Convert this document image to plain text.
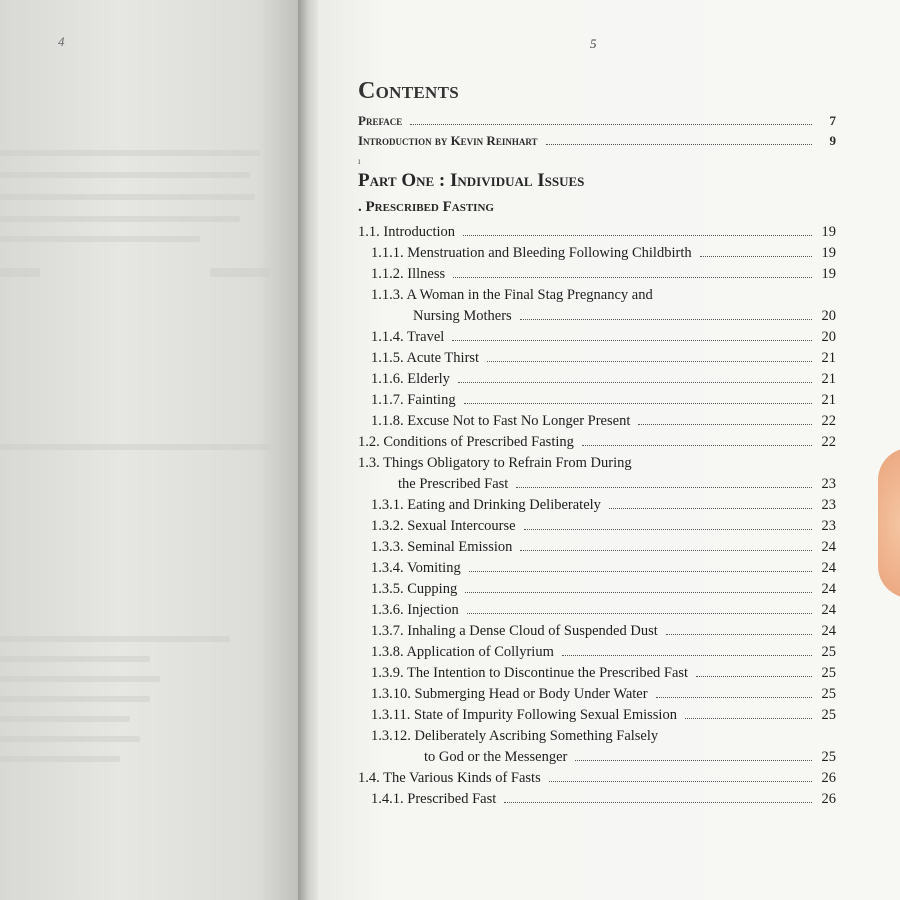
4	5
Contents
Preface	7
Introduction by Kevin Reinhart	9
ı
Part One : Individual Issues
. Prescribed Fasting
1.1. Introduction	19
1.1.1. Menstruation and Bleeding Following Childbirth	19
1.1.2. Illness	19
1.1.3. A Woman in the Final Stag Pregnancy and
Nursing Mothers	20
1.1.4. Travel	20
1.1.5. Acute Thirst	21
1.1.6. Elderly	21
1.1.7. Fainting	21
1.1.8. Excuse Not to Fast No Longer Present	22
1.2. Conditions of Prescribed Fasting	22
1.3. Things Obligatory to Refrain From During
the Prescribed Fast	23
1.3.1. Eating and Drinking Deliberately	23
1.3.2. Sexual Intercourse	23
1.3.3. Seminal Emission	24
1.3.4. Vomiting	24
1.3.5. Cupping	24
1.3.6. Injection	24
1.3.7. Inhaling a Dense Cloud of Suspended Dust	24
1.3.8. Application of Collyrium	25
1.3.9. The Intention to Discontinue the Prescribed Fast	25
1.3.10. Submerging Head or Body Under Water	25
1.3.11. State of Impurity Following Sexual Emission	25
1.3.12. Deliberately Ascribing Something Falsely
to God or the Messenger	25
1.4. The Various Kinds of Fasts	26
1.4.1. Prescribed Fast	26
